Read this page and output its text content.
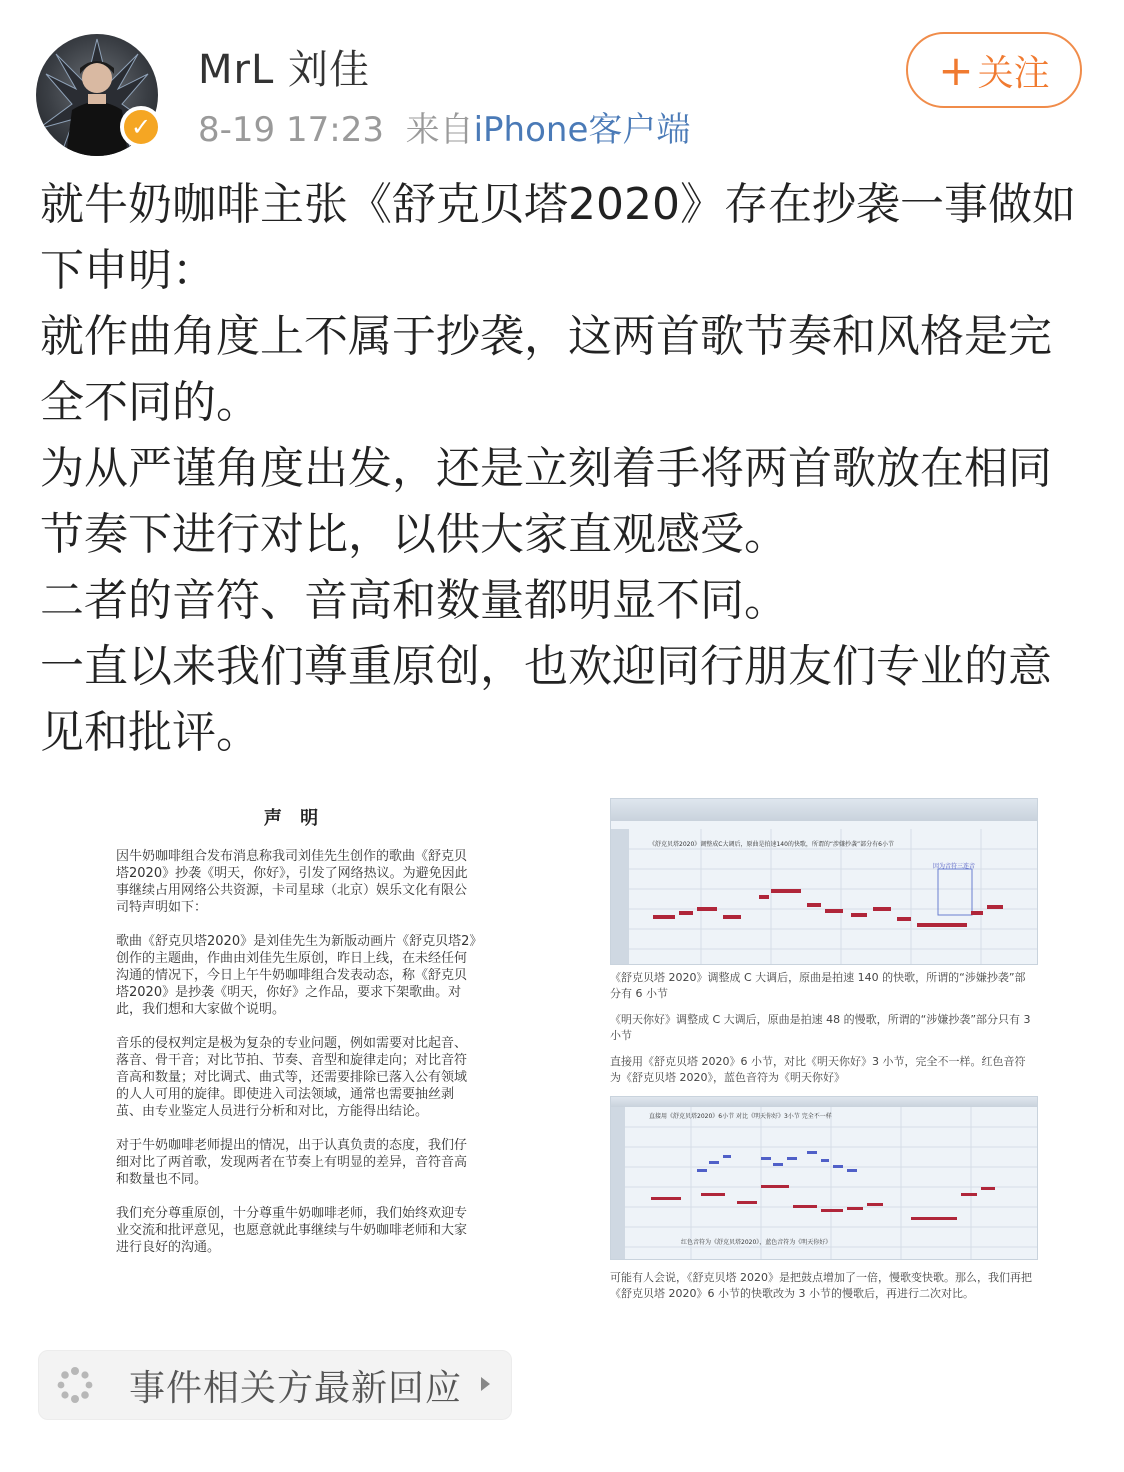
✓
MrL 刘佳
8-19 17:23 来自iPhone客户端
+ 关注

就牛奶咖啡主张《舒克贝塔2020》存在抄袭一事做如下申明：

就作曲角度上不属于抄袭，这两首歌节奏和风格是完全不同的。

为从严谨角度出发，还是立刻着手将两首歌放在相同节奏下进行对比，以供大家直观感受。

二者的音符、音高和数量都明显不同。

一直以来我们尊重原创，也欢迎同行朋友们专业的意见和批评。

声 明

因牛奶咖啡组合发布消息称我司刘佳先生创作的歌曲《舒克贝塔2020》抄袭《明天，你好》，引发了网络热议。为避免因此事继续占用网络公共资源，卡司星球（北京）娱乐文化有限公司特声明如下：

歌曲《舒克贝塔2020》是刘佳先生为新版动画片《舒克贝塔2》创作的主题曲，作曲由刘佳先生原创，昨日上线，在未经任何沟通的情况下，今日上午牛奶咖啡组合发表动态，称《舒克贝塔2020》是抄袭《明天，你好》之作品，要求下架歌曲。对此，我们想和大家做个说明。

音乐的侵权判定是极为复杂的专业问题，例如需要对比起音、落音、骨干音；对比节拍、节奏、音型和旋律走向；对比音符音高和数量；对比调式、曲式等，还需要排除已落入公有领域的人人可用的旋律。即使进入司法领域，通常也需要抽丝剥茧、由专业鉴定人员进行分析和对比，方能得出结论。

对于牛奶咖啡老师提出的情况，出于认真负责的态度，我们仔细对比了两首歌，发现两者在节奏上有明显的差异，音符音高和数量也不同。

我们充分尊重原创，十分尊重牛奶咖啡老师，我们始终欢迎专业交流和批评意见，也愿意就此事继续与牛奶咖啡老师和大家进行良好的沟通。

《舒克贝塔2020》调整成C大调后，原曲是拍速140的快歌，所谓的“涉嫌抄袭”部分有6小节
因为音符三连音

《舒克贝塔 2020》调整成 C 大调后，原曲是拍速 140 的快歌，所谓的“涉嫌抄袭”部分有 6 小节

《明天你好》调整成 C 大调后，原曲是拍速 48 的慢歌，所谓的“涉嫌抄袭”部分只有 3 小节

直接用《舒克贝塔 2020》6 小节，对比《明天你好》3 小节，完全不一样。红色音符为《舒克贝塔 2020》，蓝色音符为《明天你好》

直接用《舒克贝塔2020》6小节 对比《明天你好》3小节 完全不一样
红色音符为《舒克贝塔2020》，蓝色音符为《明天你好》
可能有人会说，《舒克贝塔 2020》是把鼓点增加了一倍，慢歌变快歌。那么，我们再把《舒克贝塔 2020》6 小节的快歌改为 3 小节的慢歌后，再进行二次对比。
事件相关方最新回应
